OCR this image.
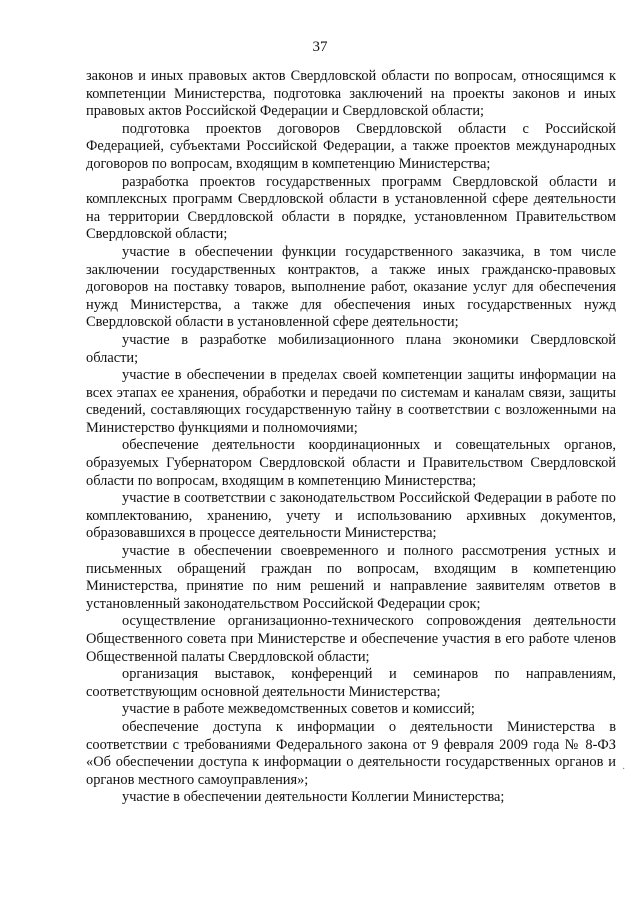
37

законов и иных правовых актов Свердловской области по вопросам, относящимся к компетенции Министерства, подготовка заключений на проекты законов и иных правовых актов Российской Федерации и Свердловской области;

подготовка проектов договоров Свердловской области с Российской Федерацией, субъектами Российской Федерации, а также проектов международных договоров по вопросам, входящим в компетенцию Министерства;

разработка проектов государственных программ Свердловской области и комплексных программ Свердловской области в установленной сфере деятельности на территории Свердловской области в порядке, установленном Правительством Свердловской области;

участие в обеспечении функции государственного заказчика, в том числе заключении государственных контрактов, а также иных гражданско-правовых договоров на поставку товаров, выполнение работ, оказание услуг для обеспечения нужд Министерства, а также для обеспечения иных государственных нужд Свердловской области в установленной сфере деятельности;

участие в разработке мобилизационного плана экономики Свердловской области;

участие в обеспечении в пределах своей компетенции защиты информации на всех этапах ее хранения, обработки и передачи по системам и каналам связи, защиты сведений, составляющих государственную тайну в соответствии с возложенными на Министерство функциями и полномочиями;

обеспечение деятельности координационных и совещательных органов, образуемых Губернатором Свердловской области и Правительством Свердловской области по вопросам, входящим в компетенцию Министерства;

участие в соответствии с законодательством Российской Федерации в работе по комплектованию, хранению, учету и использованию архивных документов, образовавшихся в процессе деятельности Министерства;

участие в обеспечении своевременного и полного рассмотрения устных и письменных обращений граждан по вопросам, входящим в компетенцию Министерства, принятие по ним решений и направление заявителям ответов в установленный законодательством Российской Федерации срок;

осуществление организационно-технического сопровождения деятельности Общественного совета при Министерстве и обеспечение участия в его работе членов Общественной палаты Свердловской области;

организация выставок, конференций и семинаров по направлениям, соответствующим основной деятельности Министерства;

участие в работе межведомственных советов и комиссий;

обеспечение доступа к информации о деятельности Министерства в соответствии с требованиями Федерального закона от 9 февраля 2009 года № 8-ФЗ «Об обеспечении доступа к информации о деятельности государственных органов и органов местного самоуправления»;

участие в обеспечении деятельности Коллегии Министерства;

·
